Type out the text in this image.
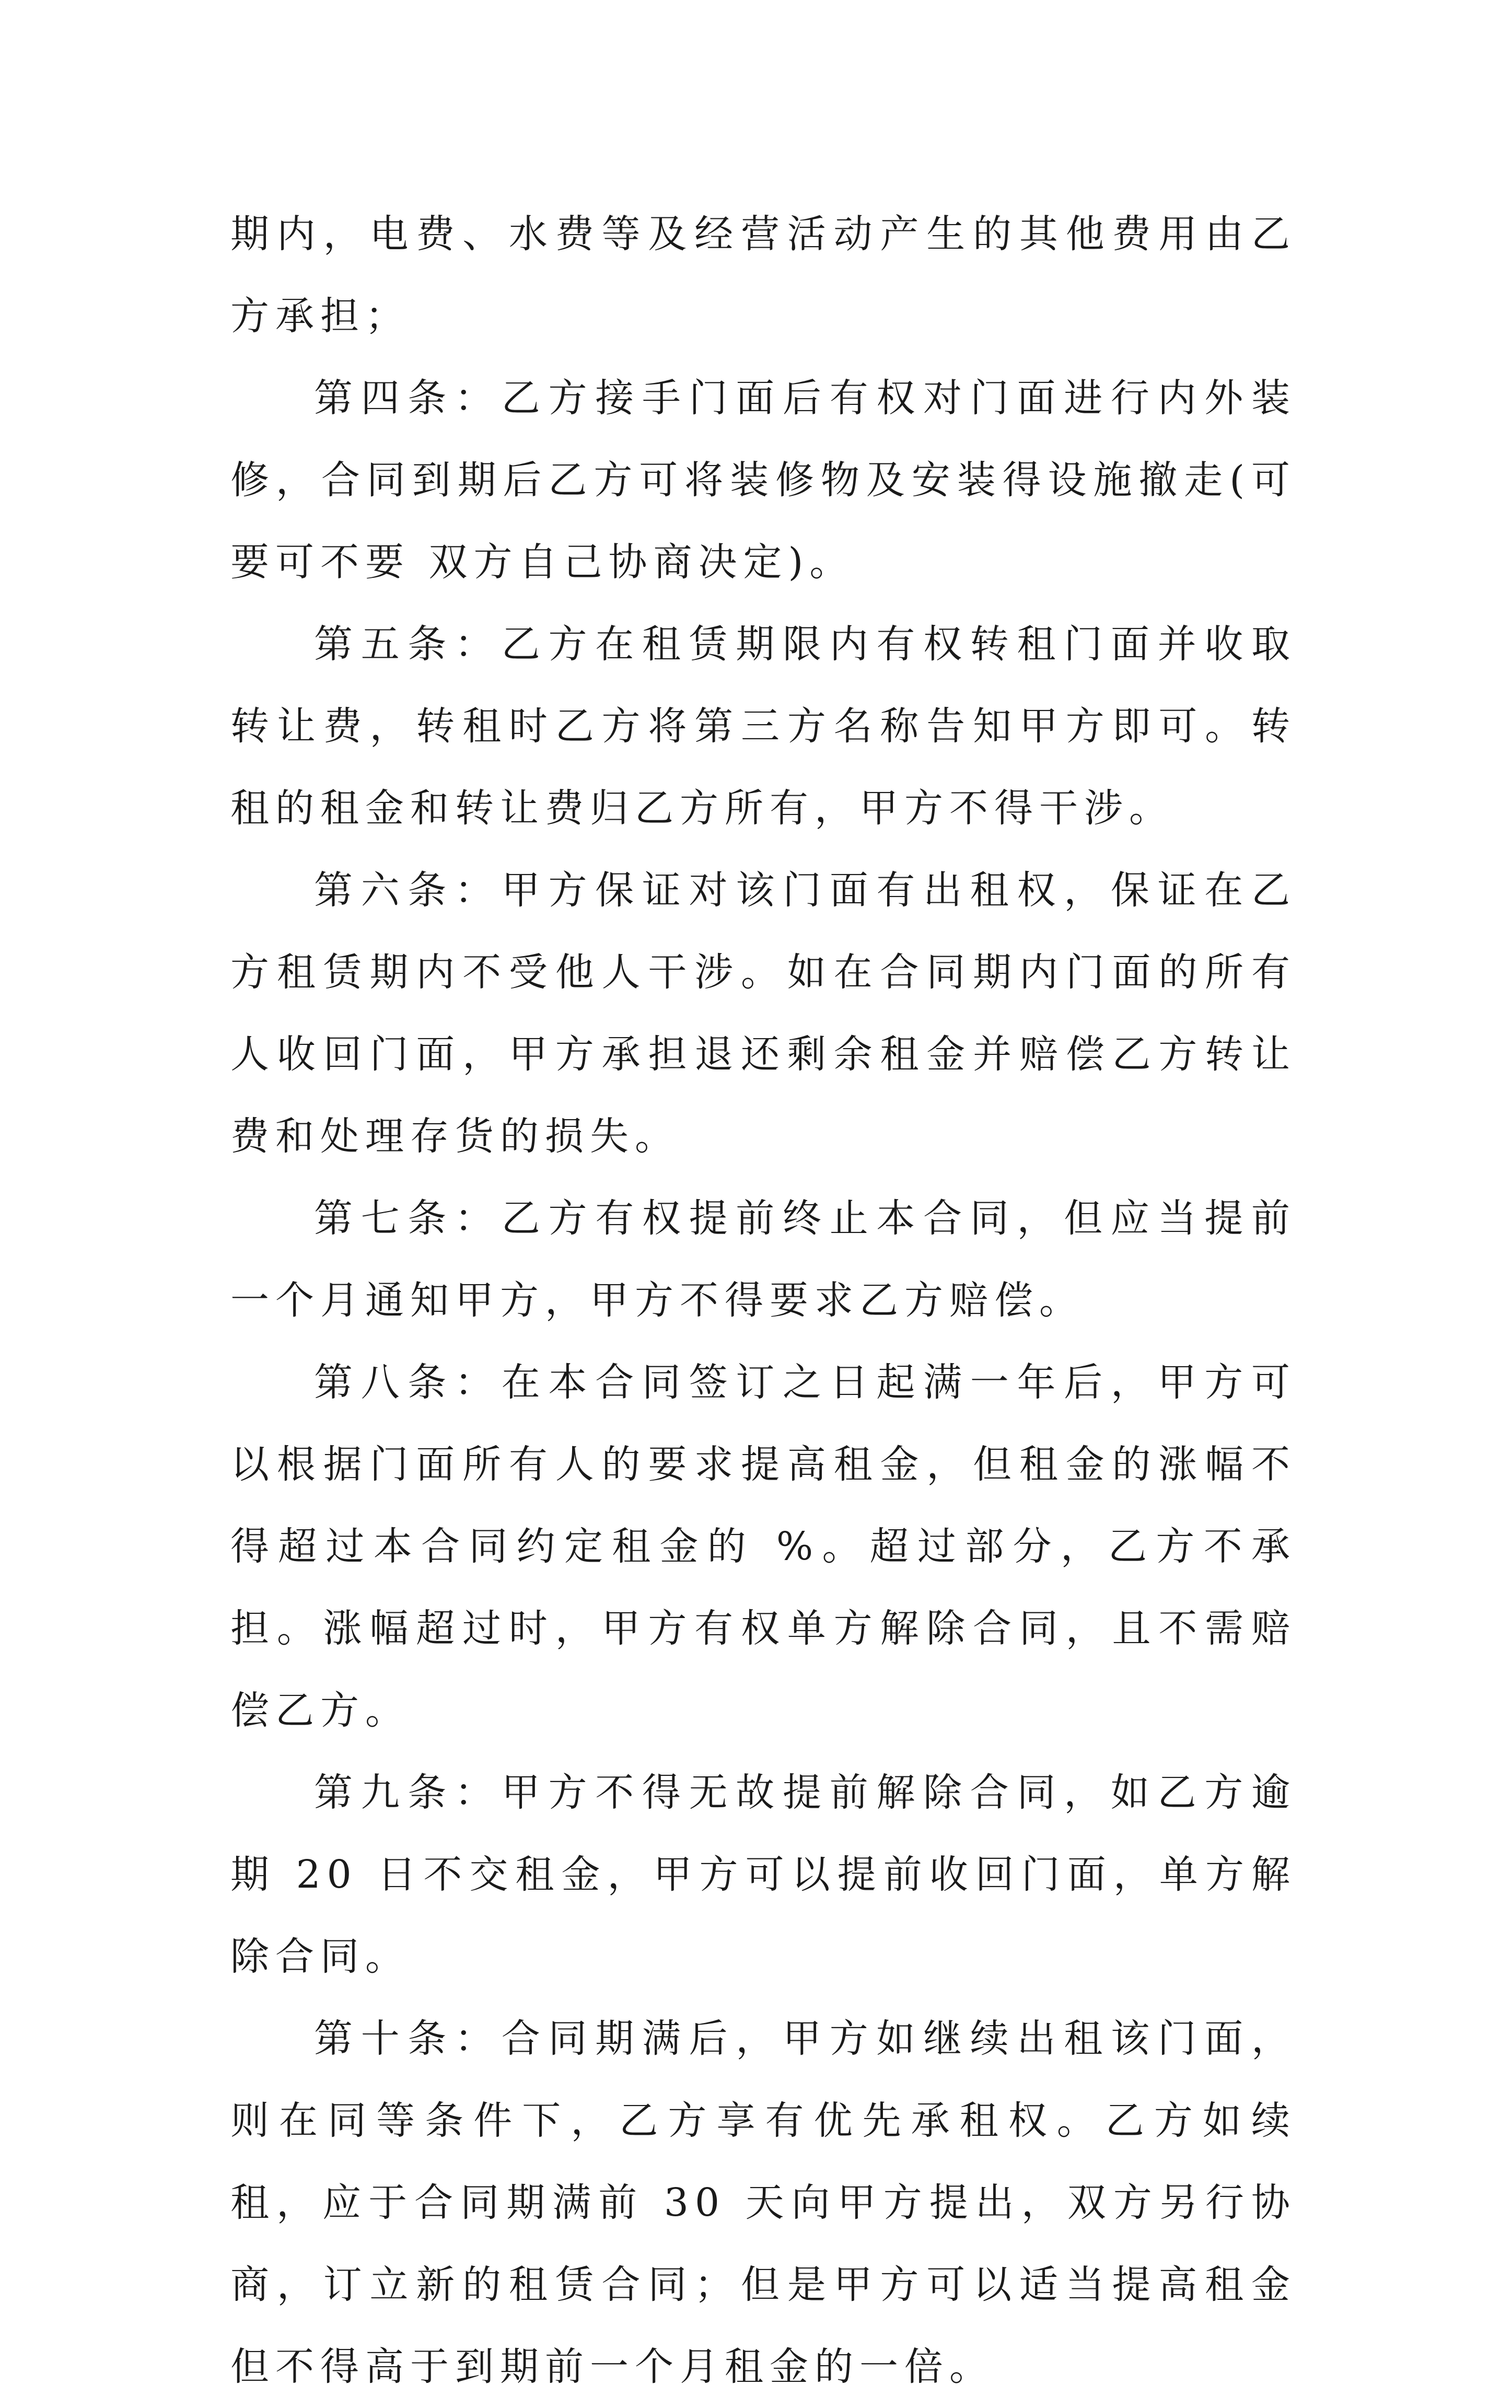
期内，电费、水费等及经营活动产生的其他费用由乙方承担；

第四条：乙方接手门面后有权对门面进行内外装修，合同到期后乙方可将装修物及安装得设施撤走(可要可不要 双方自己协商决定)。

第五条：乙方在租赁期限内有权转租门面并收取转让费，转租时乙方将第三方名称告知甲方即可。转租的租金和转让费归乙方所有，甲方不得干涉。

第六条：甲方保证对该门面有出租权，保证在乙方租赁期内不受他人干涉。如在合同期内门面的所有人收回门面，甲方承担退还剩余租金并赔偿乙方转让费和处理存货的损失。

第七条：乙方有权提前终止本合同，但应当提前一个月通知甲方，甲方不得要求乙方赔偿。

第八条：在本合同签订之日起满一年后，甲方可以根据门面所有人的要求提高租金，但租金的涨幅不得超过本合同约定租金的 %。超过部分，乙方不承担。涨幅超过时，甲方有权单方解除合同，且不需赔偿乙方。

第九条：甲方不得无故提前解除合同，如乙方逾期 20 日不交租金，甲方可以提前收回门面，单方解除合同。

第十条：合同期满后，甲方如继续出租该门面，则在同等条件下，乙方享有优先承租权。乙方如续租，应于合同期满前 30 天向甲方提出，双方另行协商，订立新的租赁合同；但是甲方可以适当提高租金但不得高于到期前一个月租金的一倍。
